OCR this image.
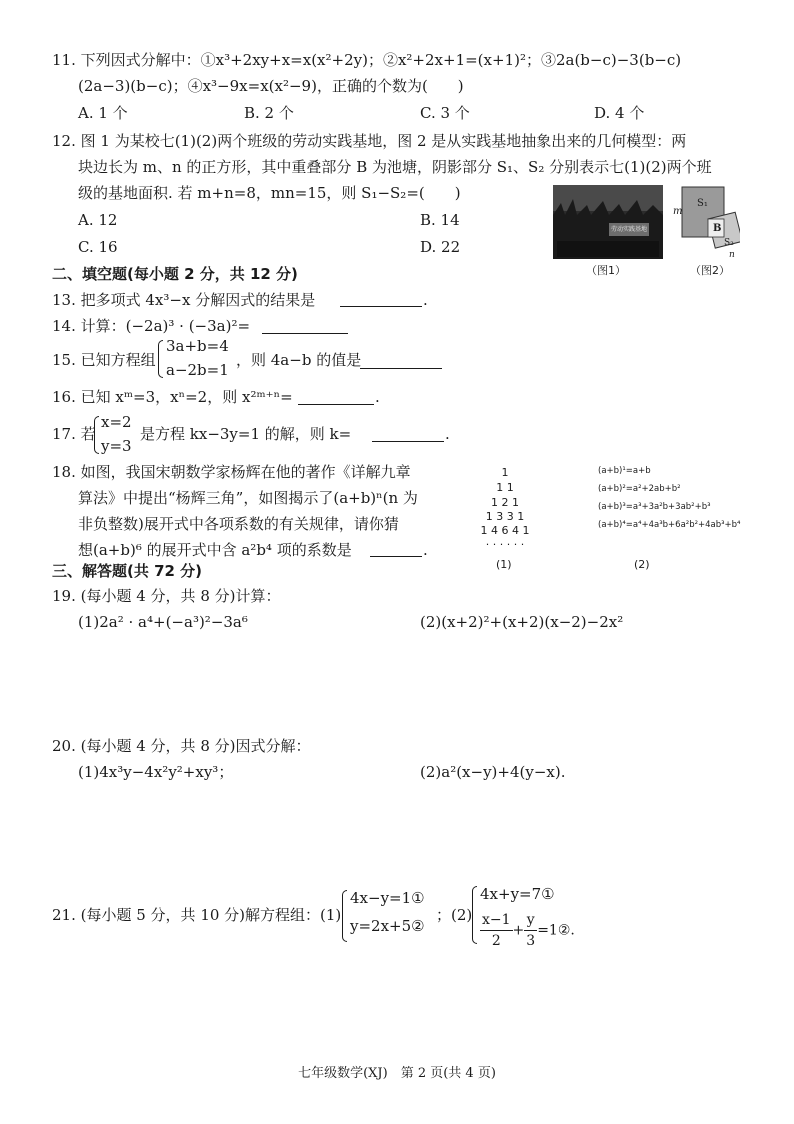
11. 下列因式分解中：①x³+2xy+x=x(x²+2y)；②x²+2x+1=(x+1)²；③2a(b−c)−3(b−c)
(2a−3)(b−c)；④x³−9x=x(x²−9)，正确的个数为(　　)
A. 1 个	B. 2 个	C. 3 个	D. 4 个
12. 图 1 为某校七(1)(2)两个班级的劳动实践基地，图 2 是从实践基地抽象出来的几何模型：两
块边长为 m、n 的正方形，其中重叠部分 B 为池塘，阴影部分 S₁、S₂ 分别表示七(1)(2)两个班
级的基地面积. 若 m+n=8，mn=15，则 S₁−S₂=(　　)
A. 12	B. 14
C. 16	D. 22
劳动实践基地
（图1）
m
S₁
B
S₂
n
（图2）
二、填空题(每小题 2 分，共 12 分)
13. 把多项式 4x³−x 分解因式的结果是	.
14. 计算：(−2a)³ · (−3a)²=
15. 已知方程组
3a+b=4
a−2b=1
，则 4a−b 的值是
16. 已知 xᵐ=3，xⁿ=2，则 x²ᵐ⁺ⁿ=	.
17. 若
x=2
y=3
是方程 kx−3y=1 的解，则 k=	.
18. 如图，我国宋朝数学家杨辉在他的著作《详解九章
算法》中提出“杨辉三角”，如图揭示了(a+b)ⁿ(n 为
非负整数)展开式中各项系数的有关规律，请你猜
想(a+b)⁶ 的展开式中含 a²b⁴ 项的系数是	.
1
1 1
1 2 1
1 3 3 1
1 4 6 4 1
· · · · · ·
(1)
(a+b)¹=a+b
(a+b)²=a²+2ab+b²
(a+b)³=a³+3a²b+3ab²+b³
(a+b)⁴=a⁴+4a³b+6a²b²+4ab³+b⁴
(2)
三、解答题(共 72 分)
19. (每小题 4 分，共 8 分)计算：
(1)2a² · a⁴+(−a³)²−3a⁶	(2)(x+2)²+(x+2)(x−2)−2x²
20. (每小题 4 分，共 8 分)因式分解：
(1)4x³y−4x²y²+xy³；	(2)a²(x−y)+4(y−x).
21. (每小题 5 分，共 10 分)解方程组：(1)
4x−y=1①
y=2x+5②
；(2)
4x+y=7①
$\frac{x-1}{2} + \frac{y}{3}$ =1②.
七年级数学(XJ)　第 2 页(共 4 页)
